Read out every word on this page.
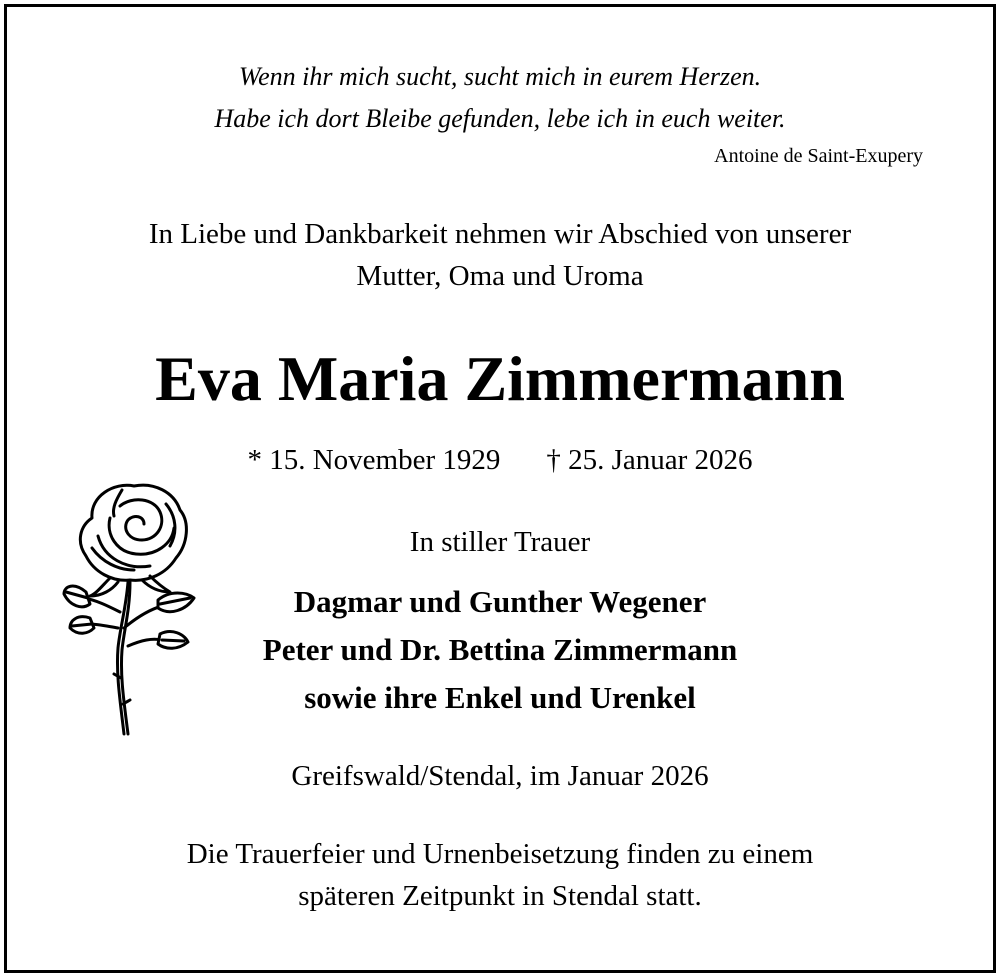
Wenn ihr mich sucht, sucht mich in eurem Herzen.
Habe ich dort Bleibe gefunden, lebe ich in euch weiter.
Antoine de Saint-Exupery
In Liebe und Dankbarkeit nehmen wir Abschied von unserer
Mutter, Oma und Uroma
Eva Maria Zimmermann
* 15. November 1929 † 25. Januar 2026
In stiller Trauer
Dagmar und Gunther Wegener
Peter und Dr. Bettina Zimmermann
sowie ihre Enkel und Urenkel
Greifswald/Stendal, im Januar 2026
Die Trauerfeier und Urnenbeisetzung finden zu einem
späteren Zeitpunkt in Stendal statt.
